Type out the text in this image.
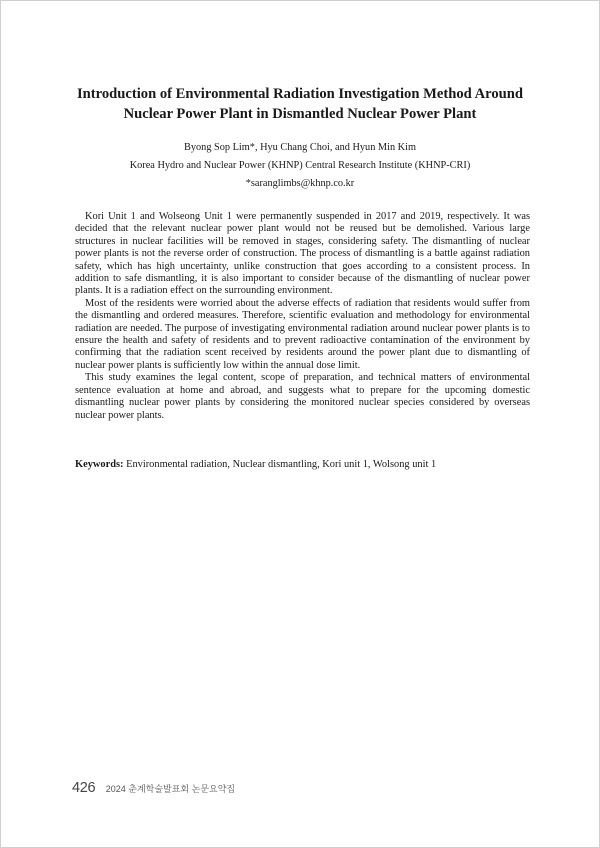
Introduction of Environmental Radiation Investigation Method Around Nuclear Power Plant in Dismantled Nuclear Power Plant

Byong Sop Lim*, Hyu Chang Choi, and Hyun Min Kim

Korea Hydro and Nuclear Power (KHNP) Central Research Institute (KHNP-CRI)

*saranglimbs@khnp.co.kr

Kori Unit 1 and Wolseong Unit 1 were permanently suspended in 2017 and 2019, respectively. It was decided that the relevant nuclear power plant would not be reused but be demolished. Various large structures in nuclear facilities will be removed in stages, considering safety. The dismantling of nuclear power plants is not the reverse order of construction. The process of dismantling is a battle against radiation safety, which has high uncertainty, unlike construction that goes according to a consistent process. In addition to safe dismantling, it is also important to consider because of the dismantling of nuclear power plants. It is a radiation effect on the surrounding environment.

Most of the residents were worried about the adverse effects of radiation that residents would suffer from the dismantling and ordered measures. Therefore, scientific evaluation and methodology for environmental radiation are needed. The purpose of investigating environmental radiation around nuclear power plants is to ensure the health and safety of residents and to prevent radioactive contamination of the environment by confirming that the radiation scent received by residents around the power plant due to dismantling of nuclear power plants is sufficiently low within the annual dose limit.

This study examines the legal content, scope of preparation, and technical matters of environmental sentence evaluation at home and abroad, and suggests what to prepare for the upcoming domestic dismantling nuclear power plants by considering the monitored nuclear species considered by overseas nuclear power plants.

Keywords: Environmental radiation, Nuclear dismantling, Kori unit 1, Wolsong unit 1

426 2024 춘계학술발표회 논문요약집
